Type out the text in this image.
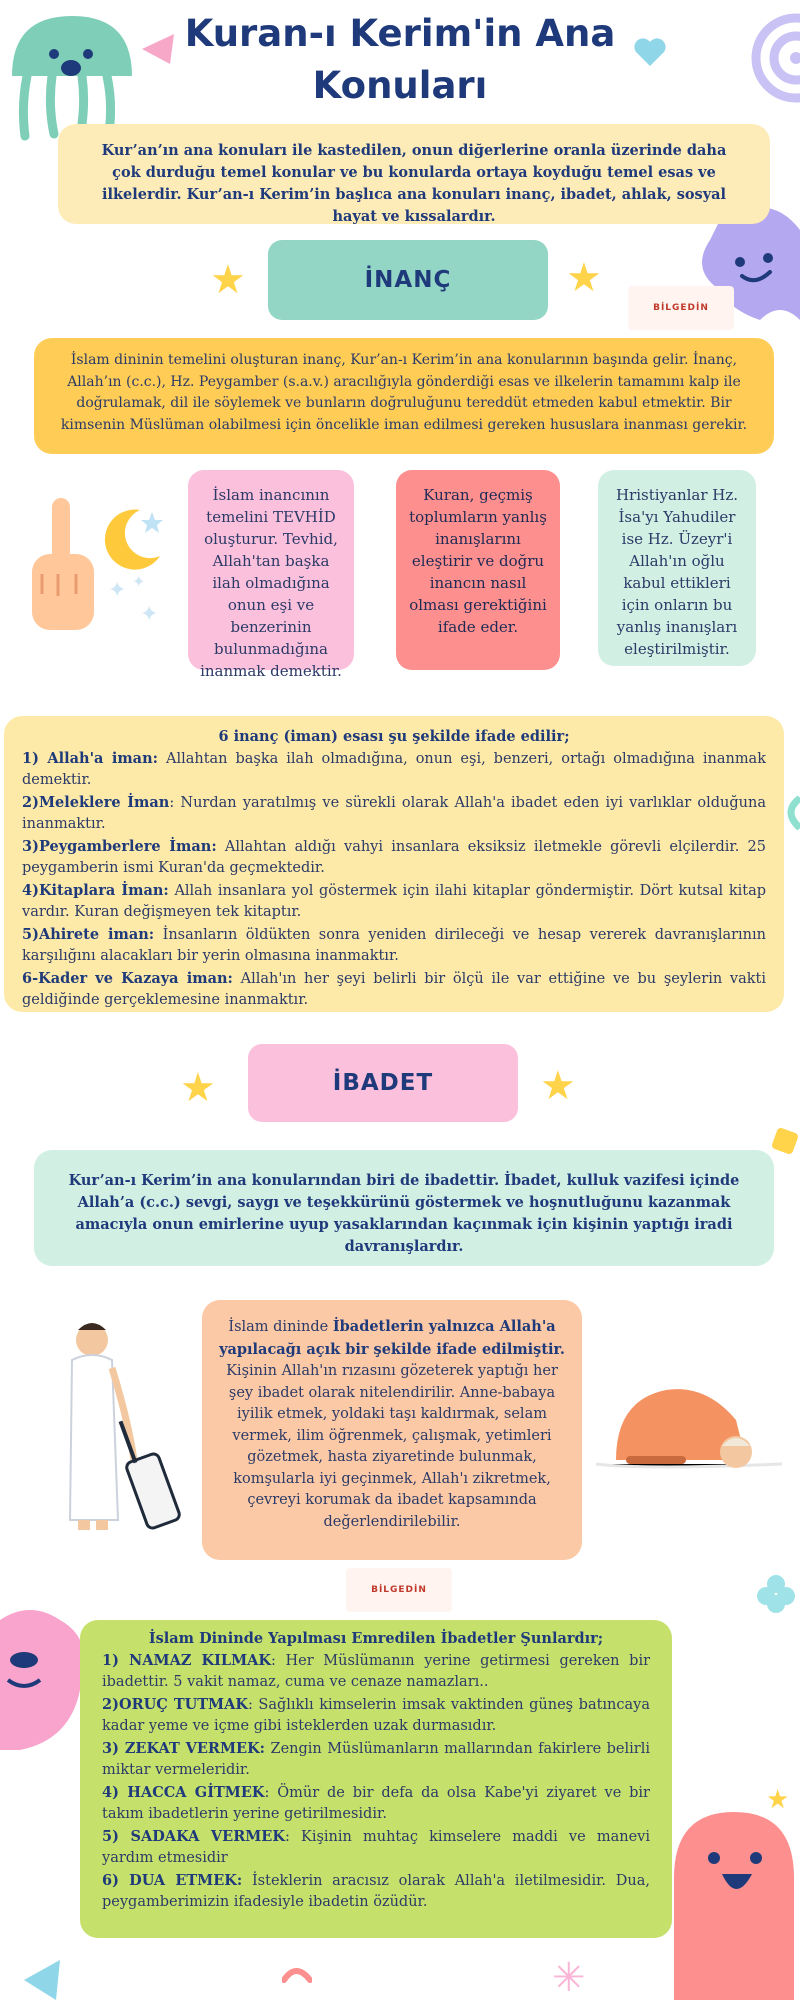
Kuran-ı Kerim'in Ana Konuları
Kur’an’ın ana konuları ile kastedilen, onun diğerlerine oranla üzerinde daha çok durduğu temel konular ve bu konularda ortaya koyduğu temel esas ve ilkelerdir. Kur’an-ı Kerim’in başlıca ana konuları inanç, ibadet, ahlak, sosyal hayat ve kıssalardır.
★	İNANÇ	★
BİLGEDİN
İslam dininin temelini oluşturan inanç, Kur’an-ı Kerim’in ana konularının başında gelir. İnanç, Allah’ın (c.c.), Hz. Peygamber (s.a.v.) aracılığıyla gönderdiği esas ve ilkelerin tamamını kalp ile doğrulamak, dil ile söylemek ve bunların doğruluğunu tereddüt etmeden kabul etmektir. Bir kimsenin Müslüman olabilmesi için öncelikle iman edilmesi gereken hususlara inanması gerekir.
✦
✦
✦
İslam inancının temelini TEVHİD oluşturur. Tevhid, Allah'tan başka ilah olmadığına onun eşi ve benzerinin bulunmadığına inanmak demektir.
Kuran, geçmiş toplumların yanlış inanışlarını eleştirir ve doğru inancın nasıl olması gerektiğini ifade eder.
Hristiyanlar Hz. İsa'yı Yahudiler ise Hz. Üzeyr'i Allah'ın oğlu kabul ettikleri için onların bu yanlış inanışları eleştirilmiştir.
6 inanç (iman) esası şu şekilde ifade edilir;
1) Allah'a iman: Allahtan başka ilah olmadığına, onun eşi, benzeri, ortağı olmadığına inanmak demektir.
2)Meleklere İman: Nurdan yaratılmış ve sürekli olarak Allah'a ibadet eden iyi varlıklar olduğuna inanmaktır.
3)Peygamberlere İman: Allahtan aldığı vahyi insanlara eksiksiz iletmekle görevli elçilerdir. 25 peygamberin ismi Kuran'da geçmektedir.
4)Kitaplara İman: Allah insanlara yol göstermek için ilahi kitaplar göndermiştir. Dört kutsal kitap vardır. Kuran değişmeyen tek kitaptır.
5)Ahirete iman: İnsanların öldükten sonra yeniden dirileceği ve hesap vererek davranışlarının karşılığını alacakları bir yerin olmasına inanmaktır.
6-Kader ve Kazaya iman: Allah'ın her şeyi belirli bir ölçü ile var ettiğine ve bu şeylerin vakti geldiğinde gerçeklemesine inanmaktır.
★	İBADET	★
Kur’an-ı Kerim’in ana konularından biri de ibadettir. İbadet, kulluk vazifesi içinde Allah’a (c.c.) sevgi, saygı ve teşekkürünü göstermek ve hoşnutluğunu kazanmak amacıyla onun emirlerine uyup yasaklarından kaçınmak için kişinin yaptığı iradi davranışlardır.
İslam dininde İbadetlerin yalnızca Allah'a yapılacağı açık bir şekilde ifade edilmiştir. Kişinin Allah'ın rızasını gözeterek yaptığı her şey ibadet olarak nitelendirilir. Anne-babaya iyilik etmek, yoldaki taşı kaldırmak, selam vermek, ilim öğrenmek, çalışmak, yetimleri gözetmek, hasta ziyaretinde bulunmak, komşularla iyi geçinmek, Allah'ı zikretmek, çevreyi korumak da ibadet kapsamında değerlendirilebilir.
BİLGEDİN
İslam Dininde Yapılması Emredilen İbadetler Şunlardır;
1) NAMAZ KILMAK: Her Müslümanın yerine getirmesi gereken bir ibadettir. 5 vakit namaz, cuma ve cenaze namazları..
2)ORUÇ TUTMAK: Sağlıklı kimselerin imsak vaktinden güneş batıncaya kadar yeme ve içme gibi isteklerden uzak durmasıdır.
3) ZEKAT VERMEK: Zengin Müslümanların mallarından fakirlere belirli miktar vermeleridir.
4) HACCA GİTMEK: Ömür de bir defa da olsa Kabe'yi ziyaret ve bir takım ibadetlerin yerine getirilmesidir.
5) SADAKA VERMEK: Kişinin muhtaç kimselere maddi ve manevi yardım etmesidir
6) DUA ETMEK: İsteklerin aracısız olarak Allah'a iletilmesidir. Dua, peygamberimizin ifadesiyle ibadetin özüdür.
★
✳
